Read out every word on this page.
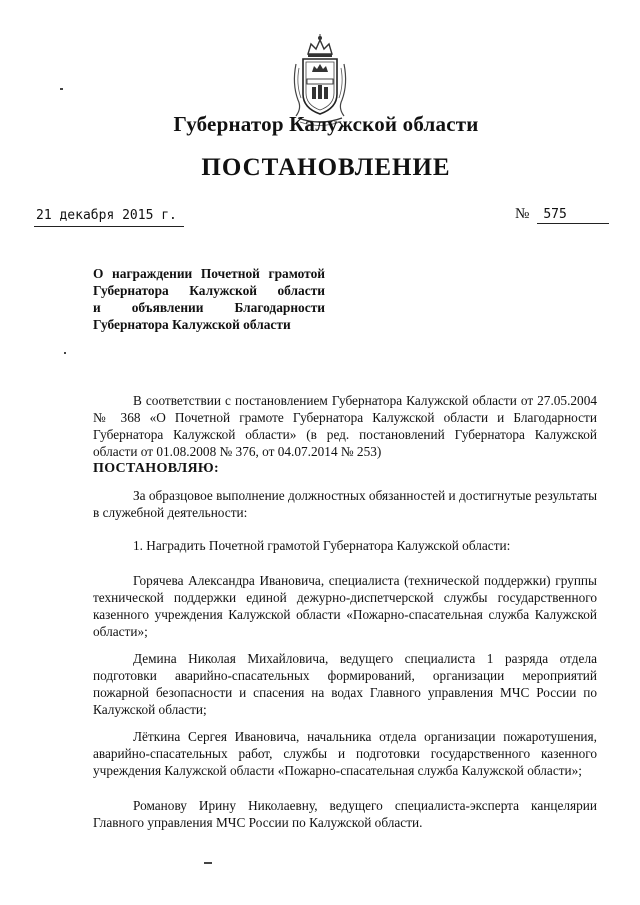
Губернатор Калужской области
ПОСТАНОВЛЕНИЕ
21 декабря 2015 г.	№ 575
О награждении Почетной грамотой
Губернатора Калужской области
и объявлении Благодарности
Губернатора Калужской области

В соответствии с постановлением Губернатора Калужской области от 27.05.2004 № 368 «О Почетной грамоте Губернатора Калужской области и Благодарности Губернатора Калужской области» (в ред. постановлений Губернатора Калужской области от 01.08.2008 № 376, от 04.07.2014 № 253)

ПОСТАНОВЛЯЮ:

За образцовое выполнение должностных обязанностей и достигнутые результаты в служебной деятельности:

1. Наградить Почетной грамотой Губернатора Калужской области:

Горячева Александра Ивановича, специалиста (технической поддержки) группы технической поддержки единой дежурно-диспетчерской службы государственного казенного учреждения Калужской области «Пожарно-спасательная служба Калужской области»;

Демина Николая Михайловича, ведущего специалиста 1 разряда отдела подготовки аварийно-спасательных формирований, организации мероприятий пожарной безопасности и спасения на водах Главного управления МЧС России по Калужской области;

Лёткина Сергея Ивановича, начальника отдела организации пожаротушения, аварийно-спасательных работ, службы и подготовки государственного казенного учреждения Калужской области «Пожарно-спасательная служба Калужской области»;

Романову Ирину Николаевну, ведущего специалиста-эксперта канцелярии Главного управления МЧС России по Калужской области.
